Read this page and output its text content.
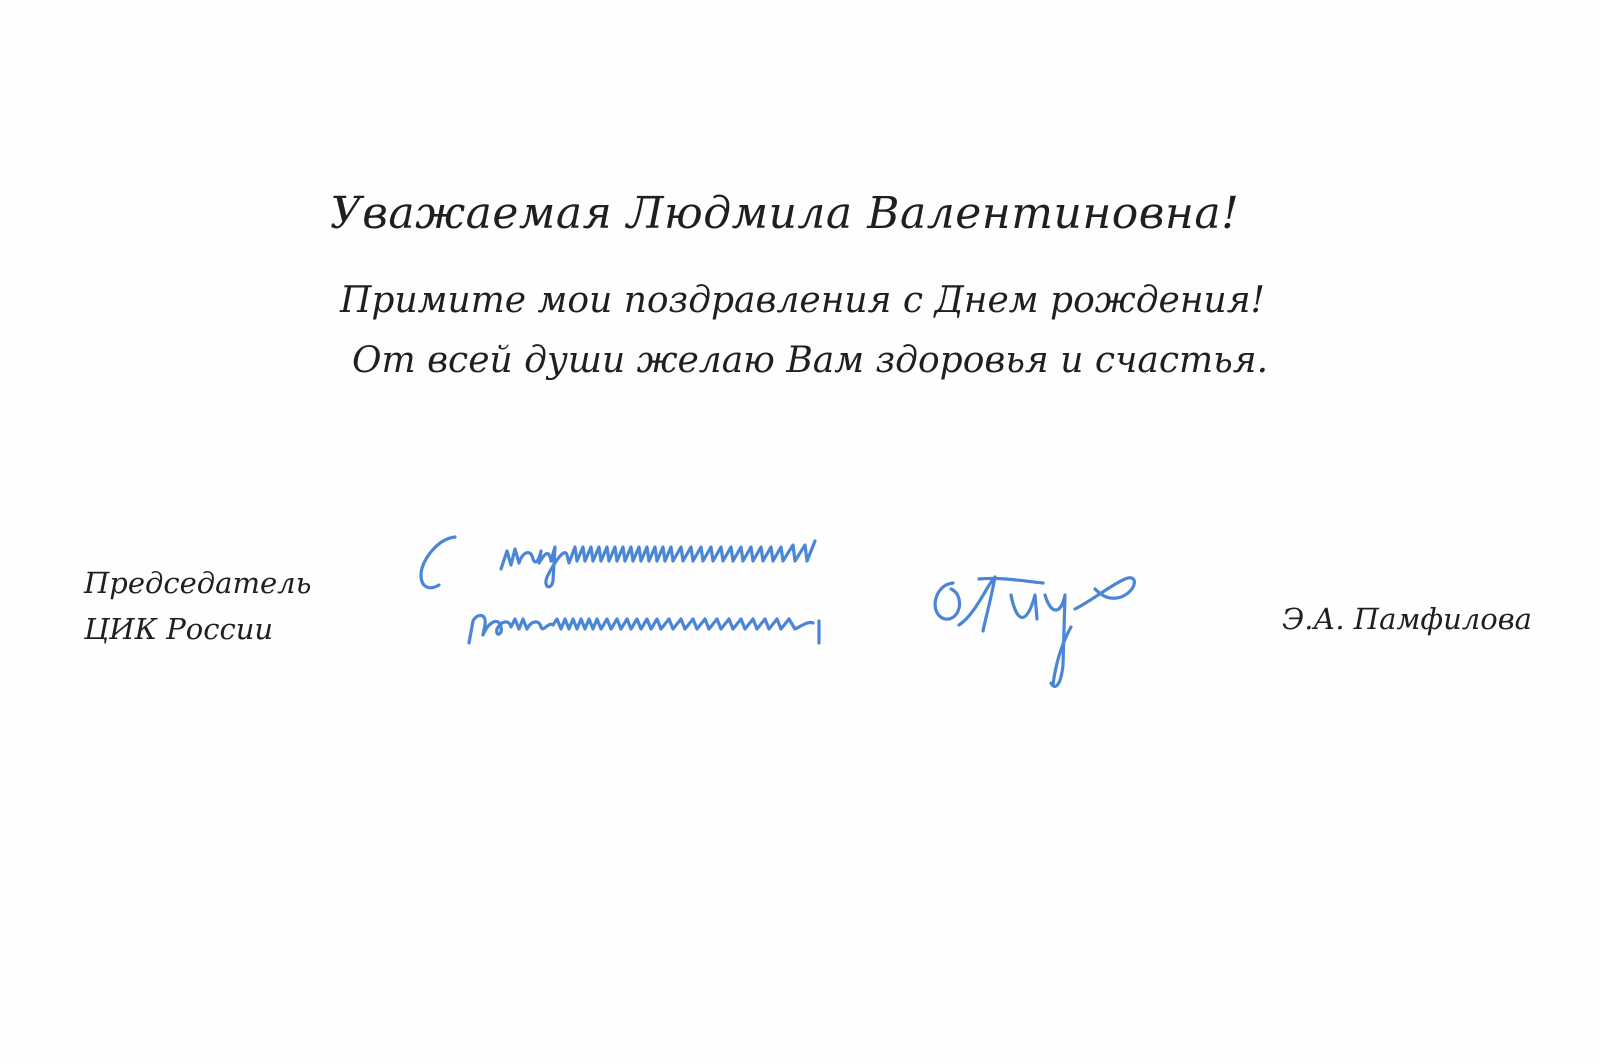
Уважаемая Людмила Валентиновна!
Примите мои поздравления с Днем рождения!
От всей души желаю Вам здоровья и счастья.
Председатель
ЦИК России	Э.А. Памфилова
